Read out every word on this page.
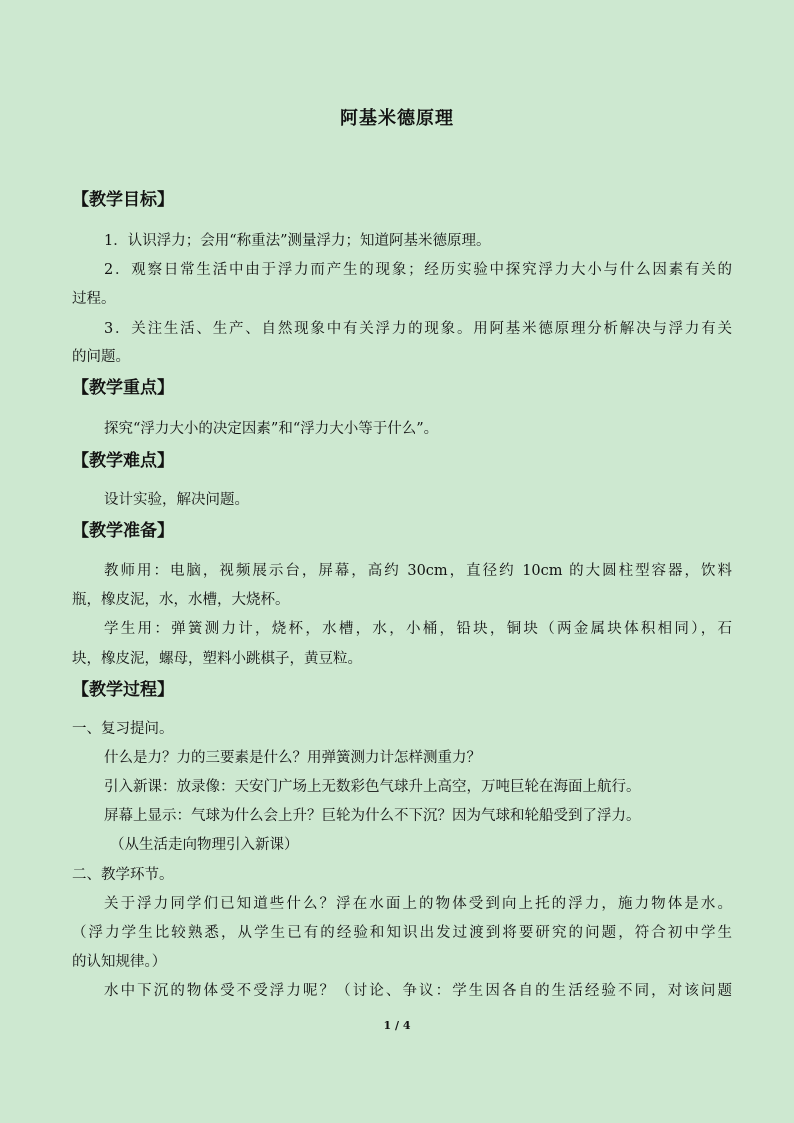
阿基米德原理
【教学目标】
1．认识浮力；会用“称重法”测量浮力；知道阿基米德原理。
2．观察日常生活中由于浮力而产生的现象；经历实验中探究浮力大小与什么因素有关的
过程。
3．关注生活、生产、自然现象中有关浮力的现象。用阿基米德原理分析解决与浮力有关
的问题。
【教学重点】
探究“浮力大小的决定因素”和“浮力大小等于什么”。
【教学难点】
设计实验，解决问题。
【教学准备】
教师用：电脑，视频展示台，屏幕，高约 30cm，直径约 10cm 的大圆柱型容器，饮料
瓶，橡皮泥，水，水槽，大烧杯。
学生用：弹簧测力计，烧杯，水槽，水，小桶，铅块，铜块（两金属块体积相同），石
块，橡皮泥，螺母，塑料小跳棋子，黄豆粒。
【教学过程】
一、复习提问。
什么是力？力的三要素是什么？用弹簧测力计怎样测重力？
引入新课：放录像：天安门广场上无数彩色气球升上高空，万吨巨轮在海面上航行。
屏幕上显示：气球为什么会上升？巨轮为什么不下沉？因为气球和轮船受到了浮力。
（从生活走向物理引入新课）
二、教学环节。
关于浮力同学们已知道些什么？浮在水面上的物体受到向上托的浮力，施力物体是水。
（浮力学生比较熟悉，从学生已有的经验和知识出发过渡到将要研究的问题，符合初中学生
的认知规律。）
水中下沉的物体受不受浮力呢？（讨论、争议：学生因各自的生活经验不同，对该问题
1 / 4
